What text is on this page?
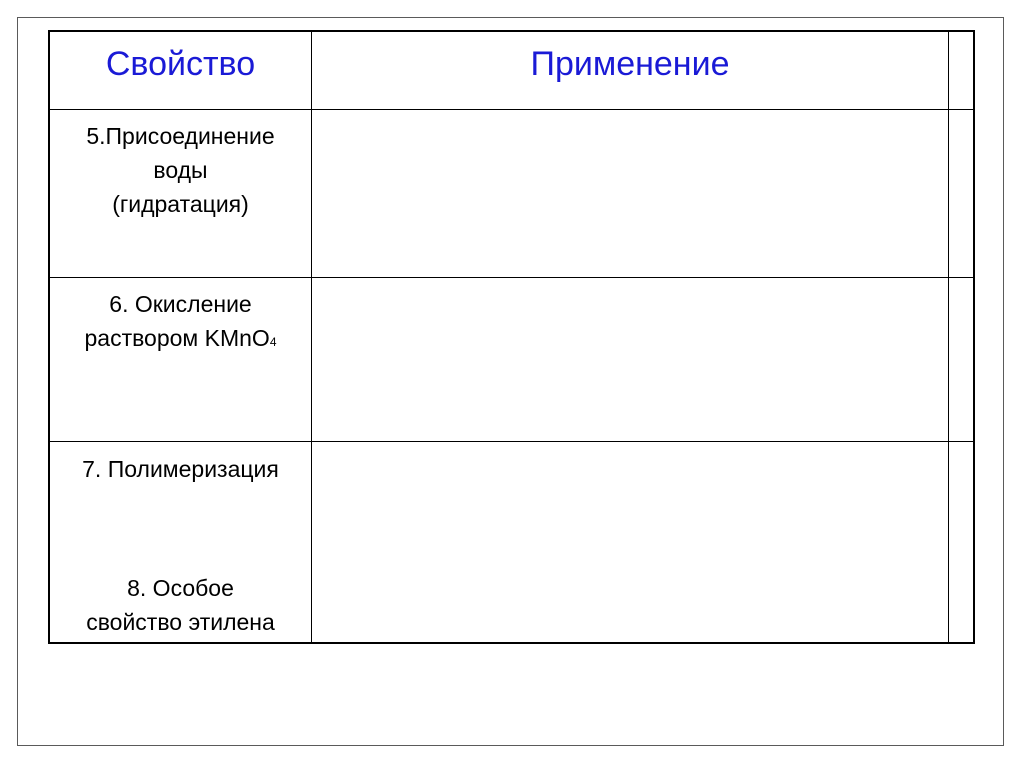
Свойство	Применение
5.Присоединение
воды
(гидратация)
6. Окисление
раствором KMnO4
7. Полимеризация
8. Особое
свойство этилена
